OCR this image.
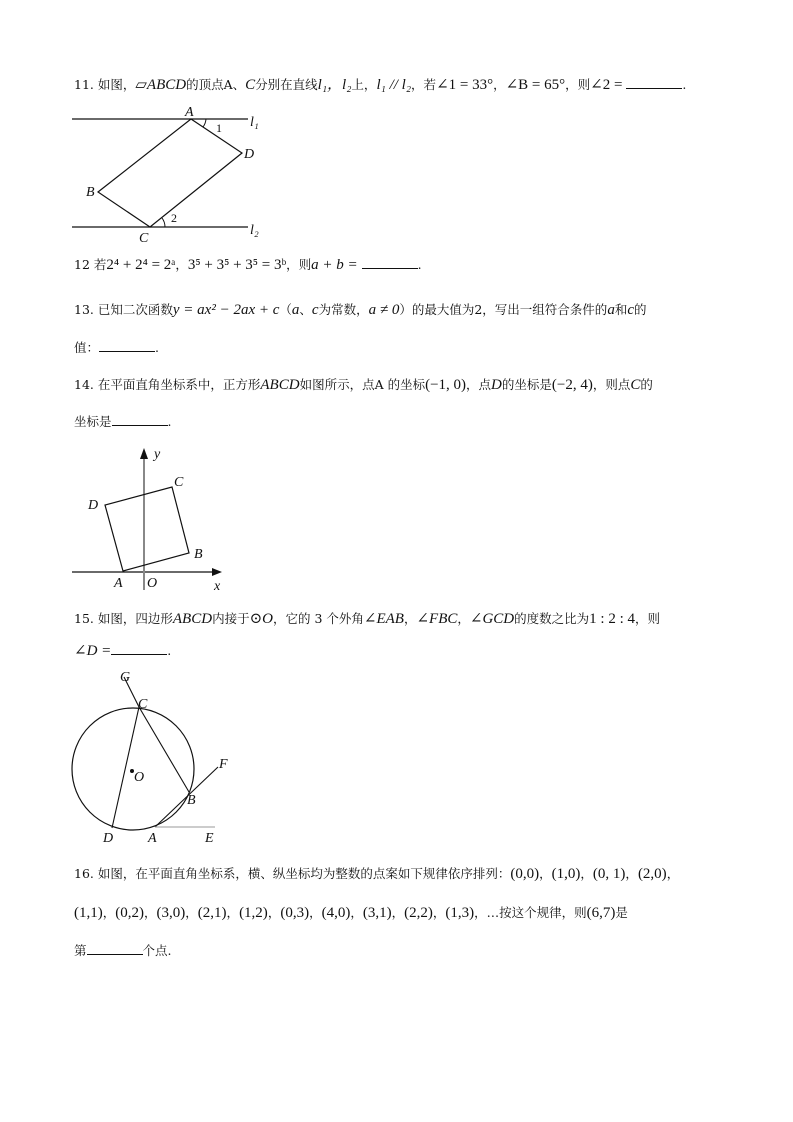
11. 如图，▱ABCD的顶点A、C分别在直线l₁，l₂上，l₁ // l₂，若∠1 = 33°，∠B = 65°，则∠2 =	.
A
D
B
C
1
2
l₁
l₂
12 若2⁴ + 2⁴ = 2ᵃ，3⁵ + 3⁵ + 3⁵ = 3ᵇ，则a + b =	.
13. 已知二次函数y = ax² − 2ax + c（a、c为常数，a ≠ 0）的最大值为2，写出一组符合条件的a和c的
值：	.
14. 在平面直角坐标系中，正方形ABCD如图所示，点A 的坐标(−1, 0)，点D的坐标是(−2, 4)，则点C的
坐标是	.
y
C
D
B
A O	x
15. 如图，四边形ABCD内接于⊙O，它的 3 个外角∠EAB，∠FBC，∠GCD的度数之比为1 : 2 : 4，则
∠D =	.
G
C
O
F
B
D A	E
16. 如图，在平面直角坐标系，横、纵坐标均为整数的点案如下规律依序排列：(0,0)，(1,0)，(0, 1)，(2,0)，
(1,1)，(0,2)，(3,0)，(2,1)，(1,2)，(0,3)，(4,0)，(3,1)，(2,2)，(1,3)，…按这个规律，则(6,7)是
第	个点.
